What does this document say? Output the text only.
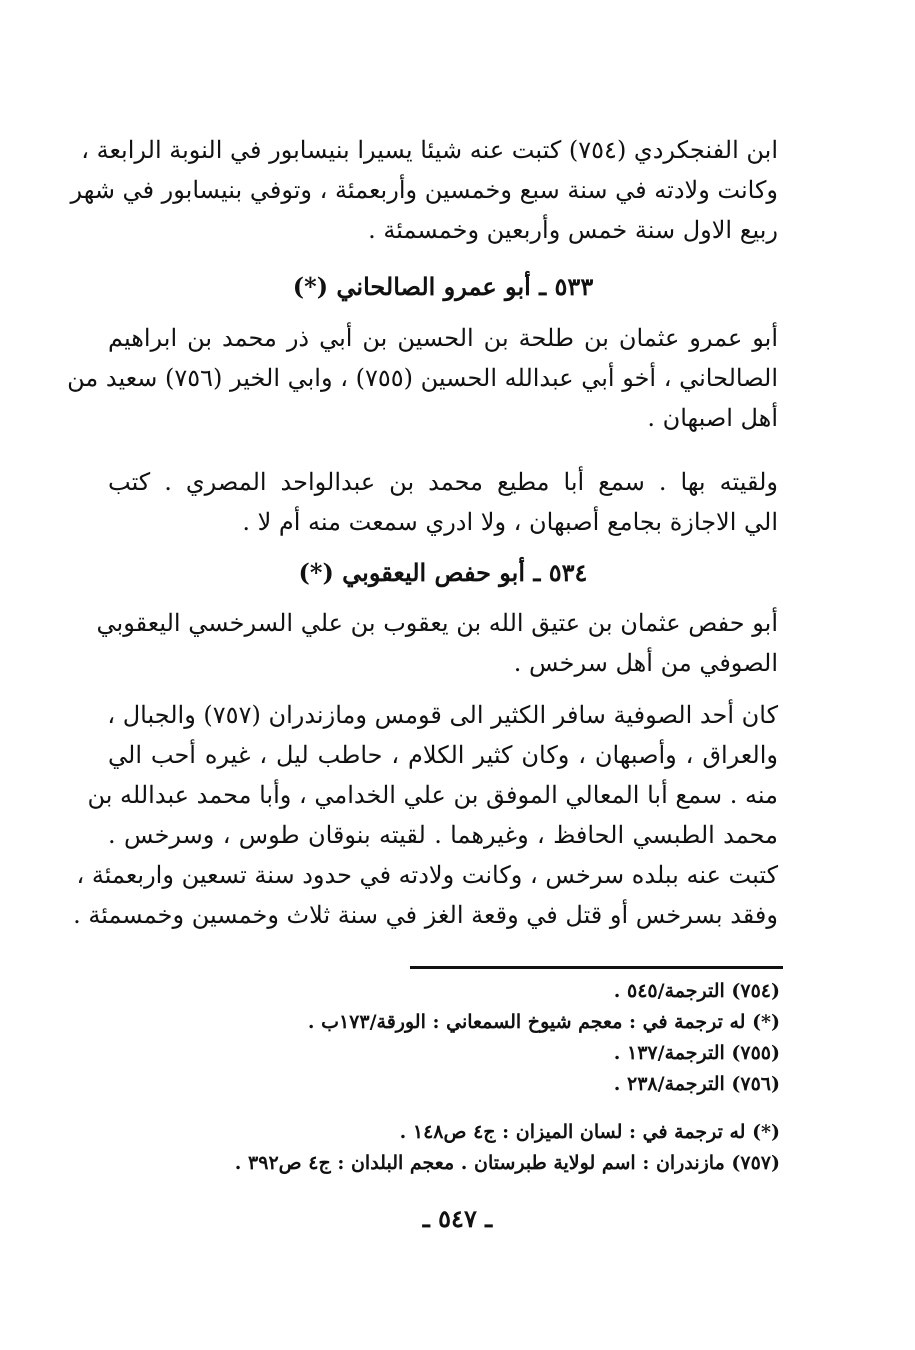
ابن الفنجكردي (٧٥٤) كتبت عنه شيئا يسيرا بنيسابور في النوبة الرابعة ،
وكانت ولادته في سنة سبع وخمسين وأربعمئة ، وتوفي بنيسابور في شهر
ربيع الاول سنة خمس وأربعين وخمسمئة .
٥٣٣ ـ أبو عمرو الصالحاني (*)
أبو عمرو عثمان بن طلحة بن الحسين بن أبي ذر محمد بن ابراهيم
الصالحاني ، أخو أبي عبدالله الحسين (٧٥٥) ، وابي الخير (٧٥٦) سعيد من
أهل اصبهان .
ولقيته بها . سمع أبا مطيع محمد بن عبدالواحد المصري . كتب
الي الاجازة بجامع أصبهان ، ولا ادري سمعت منه أم لا .
٥٣٤ ـ أبو حفص اليعقوبي (*)
أبو حفص عثمان بن عتيق الله بن يعقوب بن علي السرخسي اليعقوبي
الصوفي من أهل سرخس .
كان أحد الصوفية سافر الكثير الى قومس ومازندران (٧٥٧) والجبال ،
والعراق ، وأصبهان ، وكان كثير الكلام ، حاطب ليل ، غيره أحب الي
منه . سمع أبا المعالي الموفق بن علي الخدامي ، وأبا محمد عبدالله بن
محمد الطبسي الحافظ ، وغيرهما . لقيته بنوقان طوس ، وسرخس .
كتبت عنه ببلده سرخس ، وكانت ولادته في حدود سنة تسعين واربعمئة ،
وفقد بسرخس أو قتل في وقعة الغز في سنة ثلاث وخمسين وخمسمئة .
(٧٥٤) الترجمة/٥٤٥ .
(*) له ترجمة في : معجم شيوخ السمعاني : الورقة/١٧٣ب .
(٧٥٥) الترجمة/١٣٧ .
(٧٥٦) الترجمة/٢٣٨ .
(*) له ترجمة في : لسان الميزان : ج٤ ص١٤٨ .
(٧٥٧) مازندران : اسم لولاية طبرستان . معجم البلدان : ج٤ ص٣٩٢ .
ـ ٥٤٧ ـ
